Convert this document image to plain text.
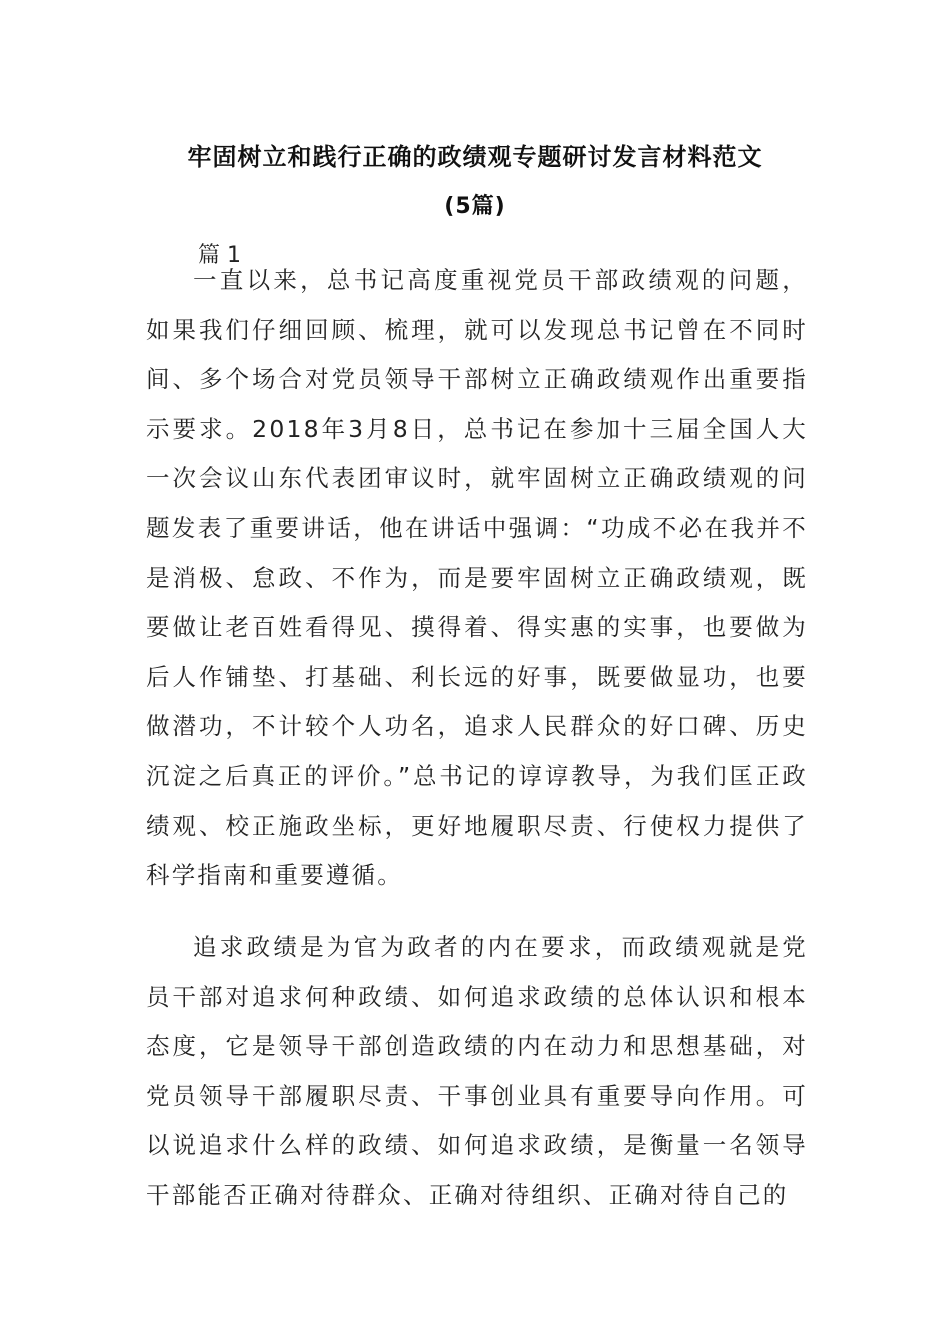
牢固树立和践行正确的政绩观专题研讨发言材料范文
(5篇)
篇 1

一直以来，总书记高度重视党员干部政绩观的问题，如果我们仔细回顾、梳理，就可以发现总书记曾在不同时间、多个场合对党员领导干部树立正确政绩观作出重要指示要求。2018年3月8日，总书记在参加十三届全国人大一次会议山东代表团审议时，就牢固树立正确政绩观的问题发表了重要讲话，他在讲话中强调：“功成不必在我并不是消极、怠政、不作为，而是要牢固树立正确政绩观，既要做让老百姓看得见、摸得着、得实惠的实事，也要做为后人作铺垫、打基础、利长远的好事，既要做显功，也要做潜功，不计较个人功名，追求人民群众的好口碑、历史沉淀之后真正的评价。”总书记的谆谆教导，为我们匡正政绩观、校正施政坐标，更好地履职尽责、行使权力提供了科学指南和重要遵循。

追求政绩是为官为政者的内在要求，而政绩观就是党员干部对追求何种政绩、如何追求政绩的总体认识和根本态度，它是领导干部创造政绩的内在动力和思想基础，对党员领导干部履职尽责、干事创业具有重要导向作用。可以说追求什么样的政绩、如何追求政绩，是衡量一名领导干部能否正确对待群众、正确对待组织、正确对待自己的
